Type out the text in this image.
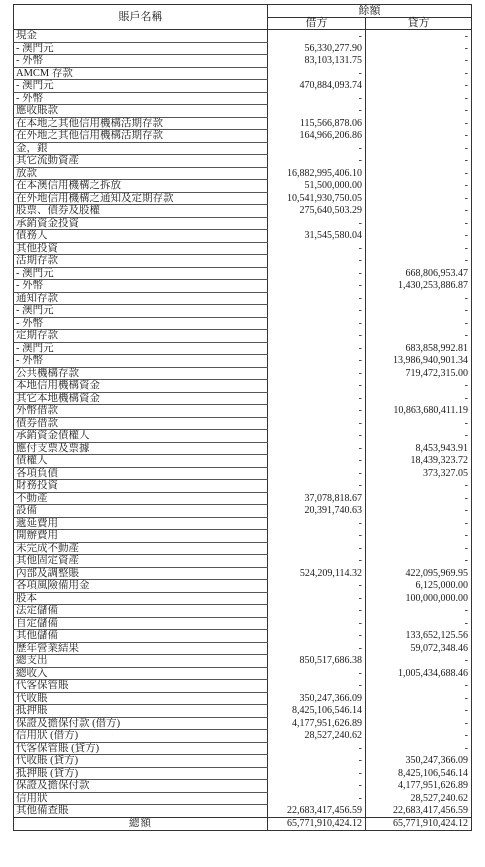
賬戶名稱	餘額	
	借方	貸方
現金	-	-
- 澳門元	56,330,277.90	-
- 外幣	83,103,131.75	-
AMCM 存款	-	-
- 澳門元	470,884,093.74	-
- 外幣	-	-
應收賬款	-	-
在本地之其他信用機構活期存款	115,566,878.06	-
在外地之其他信用機構活期存款	164,966,206.86	-
金，銀	-	-
其它流動資產	-	-
放款	16,882,995,406.10	-
在本澳信用機構之拆放	51,500,000.00	-
在外地信用機構之通知及定期存款	10,541,930,750.05	-
股票、債券及股權	275,640,503.29	-
承銷資金投資	-	-
債務人	31,545,580.04	-
其他投資	-	-
活期存款	-	-
- 澳門元	-	668,806,953.47
- 外幣	-	1,430,253,886.87
通知存款	-	-
- 澳門元	-	-
- 外幣	-	-
定期存款	-	-
- 澳門元	-	683,858,992.81
- 外幣	-	13,986,940,901.34
公共機構存款	-	719,472,315.00
本地信用機構資金	-	-
其它本地機構資金	-	-
外幣借款	-	10,863,680,411.19
債券借款	-	-
承銷資金債權人	-	-
應付支票及票據	-	8,453,943.91
債權人	-	18,439,323.72
各項負債	-	373,327.05
財務投資	-	-
不動產	37,078,818.67	-
設備	20,391,740.63	-
遞延費用	-	-
開辦費用	-	-
未完成不動產	-	-
其他固定資產	-	-
內部及調整賬	524,209,114.32	422,095,969.95
各項風險備用金	-	6,125,000.00
股本	-	100,000,000.00
法定儲備	-	-
自定儲備	-	-
其他儲備	-	133,652,125.56
歷年營業結果	-	59,072,348.46
總支出	850,517,686.38	-
總收入	-	1,005,434,688.46
代客保管賬	-	-
代收賬	350,247,366.09	-
抵押賬	8,425,106,546.14	-
保證及擔保付款 (借方)	4,177,951,626.89	-
信用狀 (借方)	28,527,240.62	-
代客保管賬 (貸方)	-	-
代收賬 (貸方)	-	350,247,366.09
抵押賬 (貸方)	-	8,425,106,546.14
保證及擔保付款	-	4,177,951,626.89
信用狀	-	28,527,240.62
其他備查賬	22,683,417,456.59	22,683,417,456.59
總額	65,771,910,424.12	65,771,910,424.12
